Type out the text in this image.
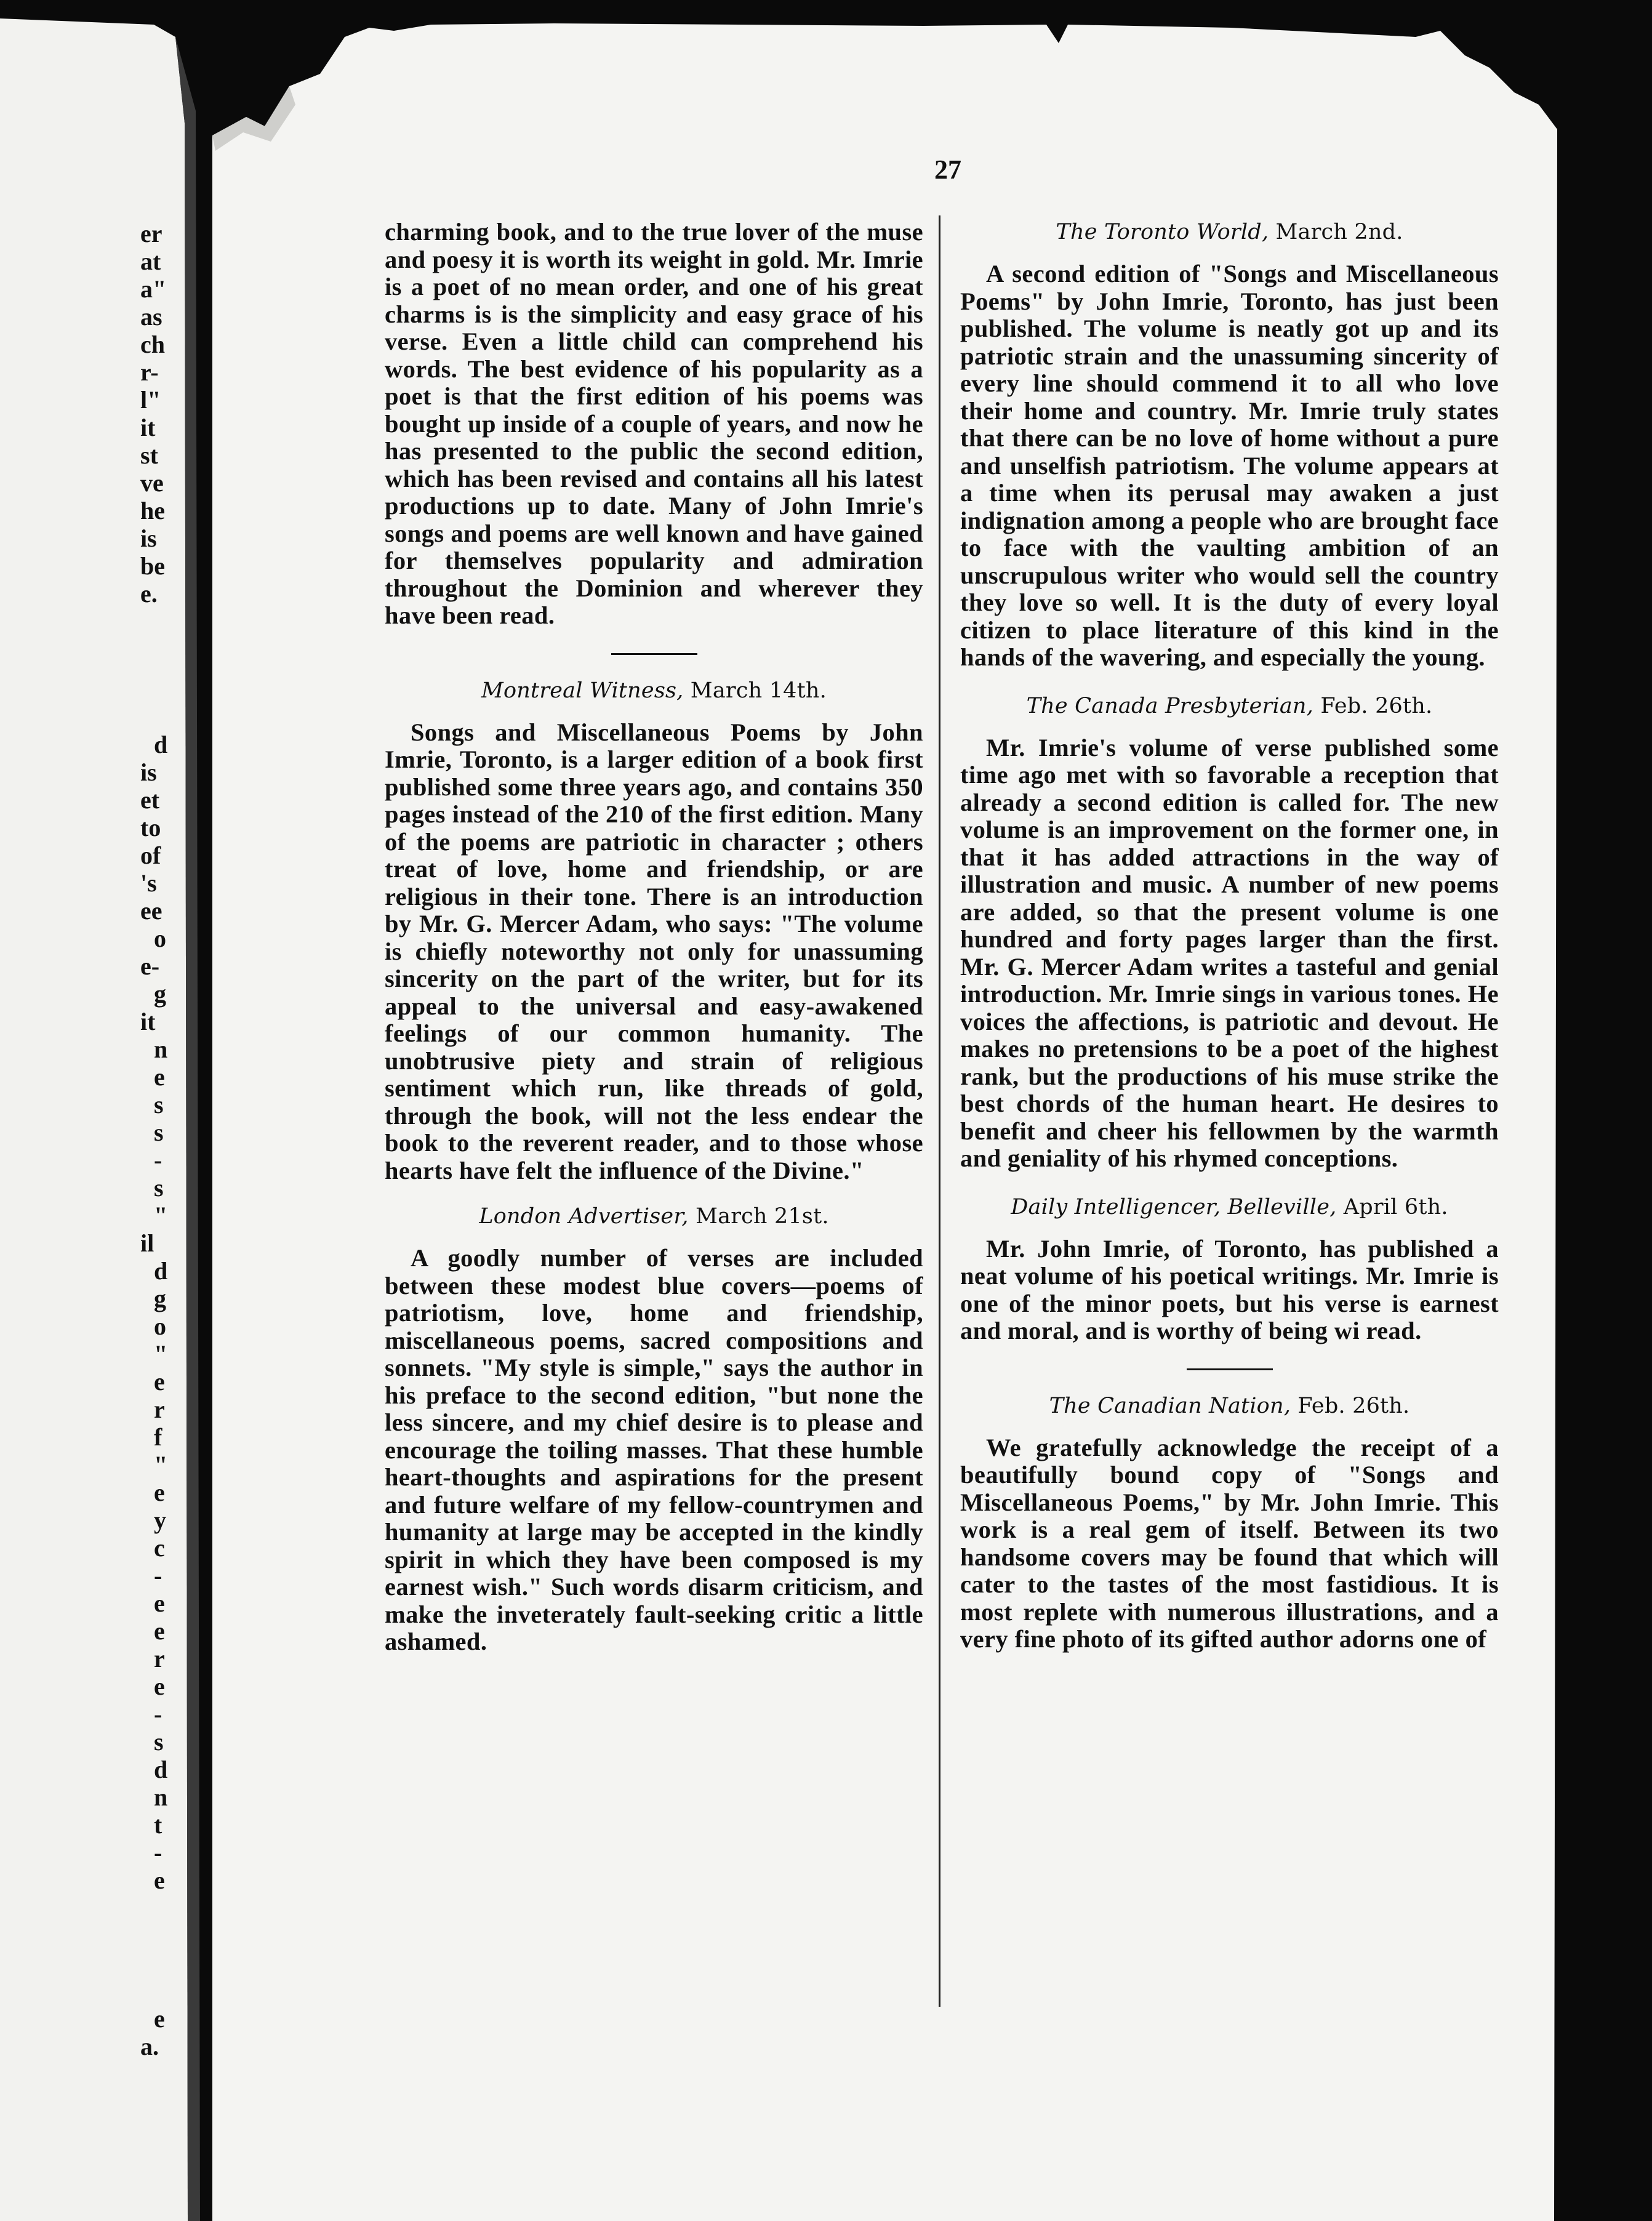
er
at
a"
as
ch
r-
l"
it
st
ve
he
is
be
e.
d
is
et
to
of
's
ee
o
e-
g
it
n
e
s
s
-
s
"
il
d
g
o
"
e
r
f
"
e
y
c
-
e
e
r
e
-
s
d
n
t
-
e
e
a.
27

charming book, and to the true lover of the muse and poesy it is worth its weight in gold. Mr. Imrie is a poet of no mean order, and one of his great charms is is the simplicity and easy grace of his verse. Even a little child can comprehend his words. The best evidence of his popularity as a poet is that the first edition of his poems was bought up inside of a couple of years, and now he has presented to the public the second edition, which has been revised and contains all his latest productions up to date. Many of John Imrie's songs and poems are well known and have gained for themselves popularity and admiration throughout the Dominion and wherever they have been read.

Montreal Witness, March 14th.

Songs and Miscellaneous Poems by John Imrie, Toronto, is a larger edition of a book first published some three years ago, and contains 350 pages instead of the 210 of the first edition. Many of the poems are patriotic in character ; others treat of love, home and friendship, or are religious in their tone. There is an introduction by Mr. G. Mercer Adam, who says: "The volume is chiefly noteworthy not only for unassuming sincerity on the part of the writer, but for its appeal to the universal and easy-awakened feelings of our common humanity. The unobtrusive piety and strain of religious sentiment which run, like threads of gold, through the book, will not the less endear the book to the reverent reader, and to those whose hearts have felt the influence of the Divine."

London Advertiser, March 21st.

A goodly number of verses are included between these modest blue covers—poems of patriotism, love, home and friendship, miscellaneous poems, sacred compositions and sonnets. "My style is simple," says the author in his preface to the second edition, "but none the less sincere, and my chief desire is to please and encourage the toiling masses. That these humble heart-thoughts and aspirations for the present and future welfare of my fellow-countrymen and humanity at large may be accepted in the kindly spirit in which they have been composed is my earnest wish." Such words disarm criticism, and make the inveterately fault-seeking critic a little ashamed.

The Toronto World, March 2nd.

A second edition of "Songs and Miscellaneous Poems" by John Imrie, Toronto, has just been published. The volume is neatly got up and its patriotic strain and the unassuming sincerity of every line should commend it to all who love their home and country. Mr. Imrie truly states that there can be no love of home without a pure and unselfish patriotism. The volume appears at a time when its perusal may awaken a just indignation among a people who are brought face to face with the vaulting ambition of an unscrupulous writer who would sell the country they love so well. It is the duty of every loyal citizen to place literature of this kind in the hands of the wavering, and especially the young.

The Canada Presbyterian, Feb. 26th.

Mr. Imrie's volume of verse published some time ago met with so favorable a reception that already a second edition is called for. The new volume is an improvement on the former one, in that it has added attractions in the way of illustration and music. A number of new poems are added, so that the present volume is one hundred and forty pages larger than the first. Mr. G. Mercer Adam writes a tasteful and genial introduction. Mr. Imrie sings in various tones. He voices the affections, is patriotic and devout. He makes no pretensions to be a poet of the highest rank, but the productions of his muse strike the best chords of the human heart. He desires to benefit and cheer his fellowmen by the warmth and geniality of his rhymed conceptions.

Daily Intelligencer, Belleville, April 6th.

Mr. John Imrie, of Toronto, has published a neat volume of his poetical writings. Mr. Imrie is one of the minor poets, but his verse is earnest and moral, and is worthy of being wi read.

The Canadian Nation, Feb. 26th.

We gratefully acknowledge the receipt of a beautifully bound copy of "Songs and Miscellaneous Poems," by Mr. John Imrie. This work is a real gem of itself. Between its two handsome covers may be found that which will cater to the tastes of the most fastidious. It is most replete with numerous illustrations, and a very fine photo of its gifted author adorns one of
